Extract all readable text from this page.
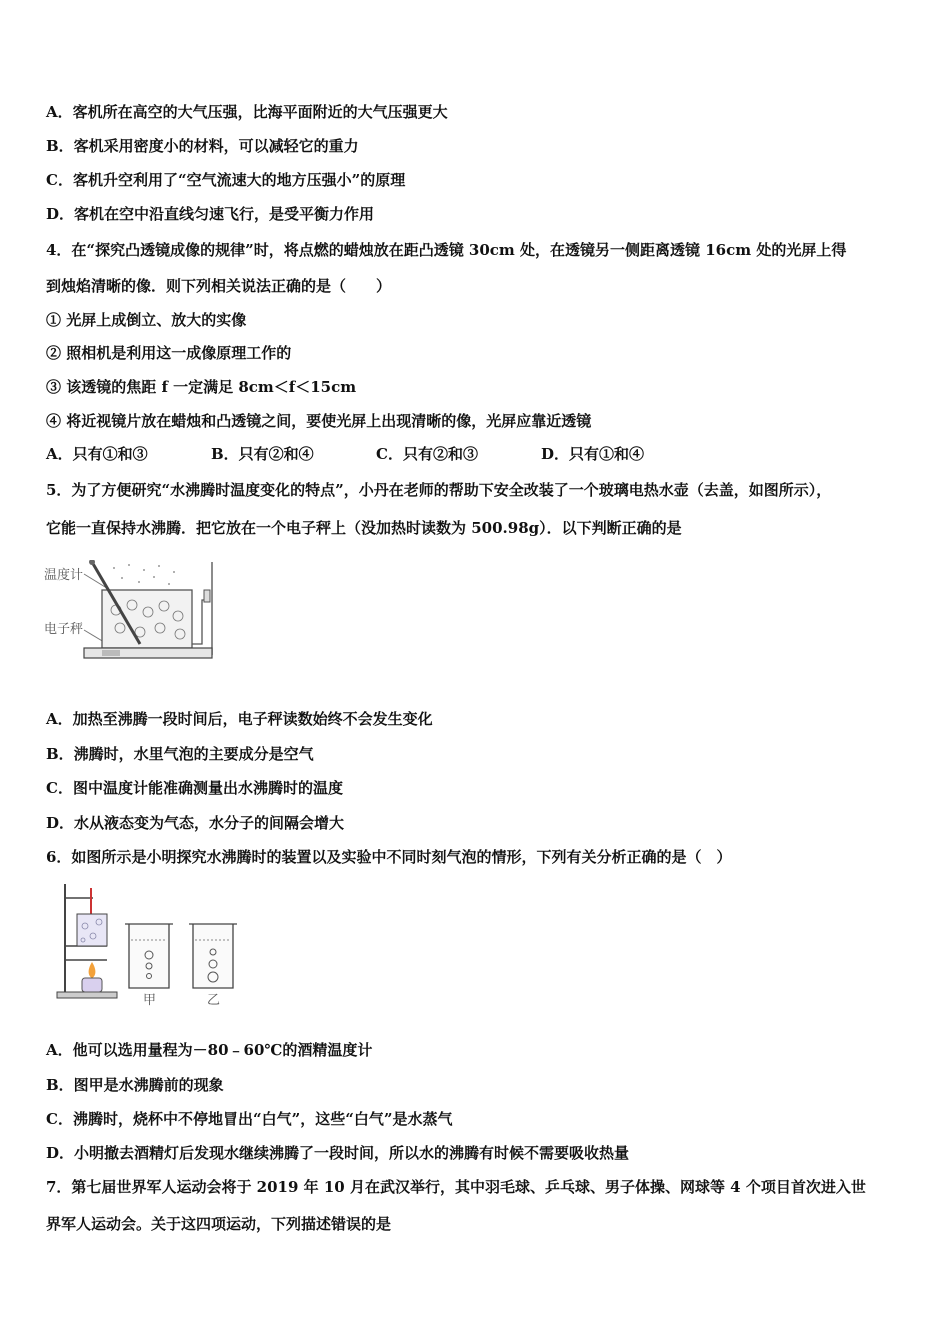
A．客机所在高空的大气压强，比海平面附近的大气压强更大
B．客机采用密度小的材料，可以减轻它的重力
C．客机升空利用了“空气流速大的地方压强小”的原理
D．客机在空中沿直线匀速飞行，是受平衡力作用
4．在“探究凸透镜成像的规律”时，将点燃的蜡烛放在距凸透镜 30cm 处，在透镜另一侧距离透镜 16cm 处的光屏上得
到烛焰清晰的像．则下列相关说法正确的是（　　）
① 光屏上成倒立、放大的实像
② 照相机是利用这一成像原理工作的
③ 该透镜的焦距 f 一定满足 8cm＜f＜15cm
④ 将近视镜片放在蜡烛和凸透镜之间，要使光屏上出现清晰的像，光屏应靠近透镜
A．只有①和③	B．只有②和④	C．只有②和③	D．只有①和④
5．为了方便研究“水沸腾时温度变化的特点”，小丹在老师的帮助下安全改装了一个玻璃电热水壶（去盖，如图所示），
它能一直保持水沸腾．把它放在一个电子秤上（没加热时读数为 500.98g）．以下判断正确的是
温度计
电子秤
A．加热至沸腾一段时间后，电子秤读数始终不会发生变化
B．沸腾时，水里气泡的主要成分是空气
C．图中温度计能准确测量出水沸腾时的温度
D．水从液态变为气态，水分子的间隔会增大
6．如图所示是小明探究水沸腾时的装置以及实验中不同时刻气泡的情形，下列有关分析正确的是（　）
甲	乙
A．他可以选用量程为－80﹣60℃的酒精温度计
B．图甲是水沸腾前的现象
C．沸腾时，烧杯中不停地冒出“白气”，这些“白气”是水蒸气
D．小明撤去酒精灯后发现水继续沸腾了一段时间，所以水的沸腾有时候不需要吸收热量
7．第七届世界军人运动会将于 2019 年 10 月在武汉举行，其中羽毛球、乒乓球、男子体操、网球等 4 个项目首次进入世
界军人运动会。关于这四项运动，下列描述错误的是
